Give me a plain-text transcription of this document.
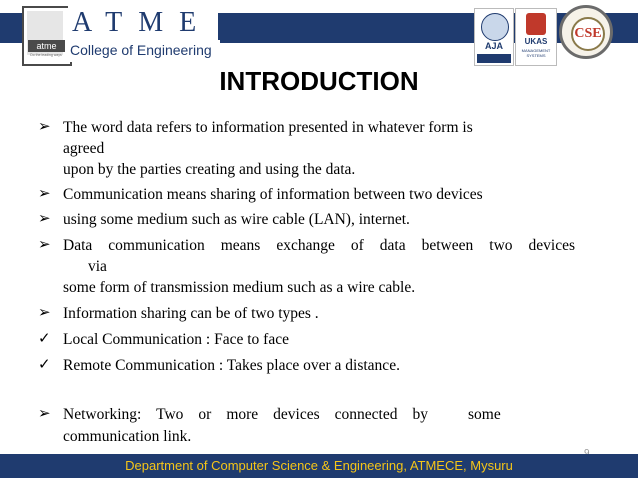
atme
Do the leading ways
ATME
College of Engineering	AJA	UKAS
MANAGEMENT SYSTEMS
CSE
INTRODUCTION
➢ The word data refers to information presented in whatever form is
agreed
upon by the parties creating and using the data.
➢ Communication means sharing of information between two devices
➢ using some medium such as wire cable (LAN), internet.
➢ Data communication means exchange of data between two devices
via
some form of transmission medium such as a wire cable.
➢ Information sharing can be of two types .
✓ Local Communication : Face to face
✓ Remote Communication : Takes place over a distance.
➢ Networking: Two or more devices connected by	some
communication link.
Department of Computer Science & Engineering, ATMECE, Mysuru
